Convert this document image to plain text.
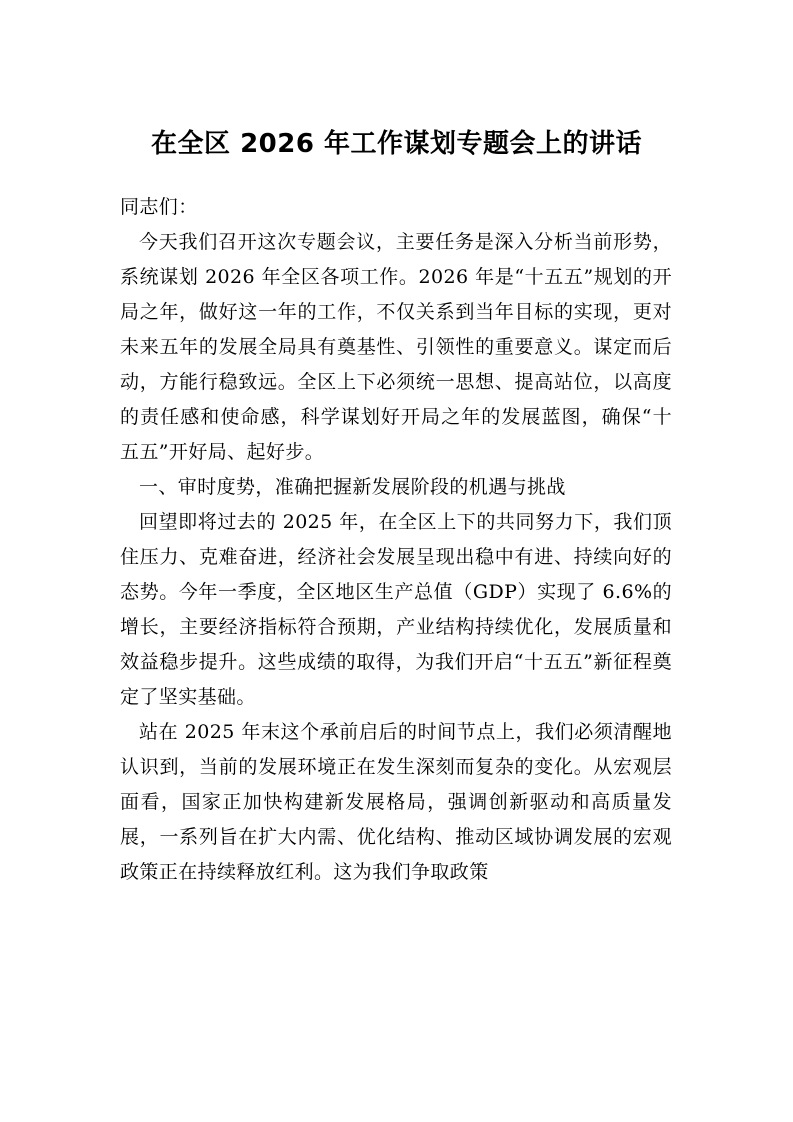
在全区 2026 年工作谋划专题会上的讲话

同志们：

今天我们召开这次专题会议，主要任务是深入分析当前形势，系统谋划 2026 年全区各项工作。2026 年是“十五五”规划的开局之年，做好这一年的工作，不仅关系到当年目标的实现，更对未来五年的发展全局具有奠基性、引领性的重要意义。谋定而后动，方能行稳致远。全区上下必须统一思想、提高站位，以高度的责任感和使命感，科学谋划好开局之年的发展蓝图，确保“十五五”开好局、起好步。

一、审时度势，准确把握新发展阶段的机遇与挑战

回望即将过去的 2025 年，在全区上下的共同努力下，我们顶住压力、克难奋进，经济社会发展呈现出稳中有进、持续向好的态势。今年一季度，全区地区生产总值（GDP）实现了 6.6%的增长，主要经济指标符合预期，产业结构持续优化，发展质量和效益稳步提升。这些成绩的取得，为我们开启“十五五”新征程奠定了坚实基础。

站在 2025 年末这个承前启后的时间节点上，我们必须清醒地认识到，当前的发展环境正在发生深刻而复杂的变化。从宏观层面看，国家正加快构建新发展格局，强调创新驱动和高质量发展，一系列旨在扩大内需、优化结构、推动区域协调发展的宏观政策正在持续释放红利。这为我们争取政策
